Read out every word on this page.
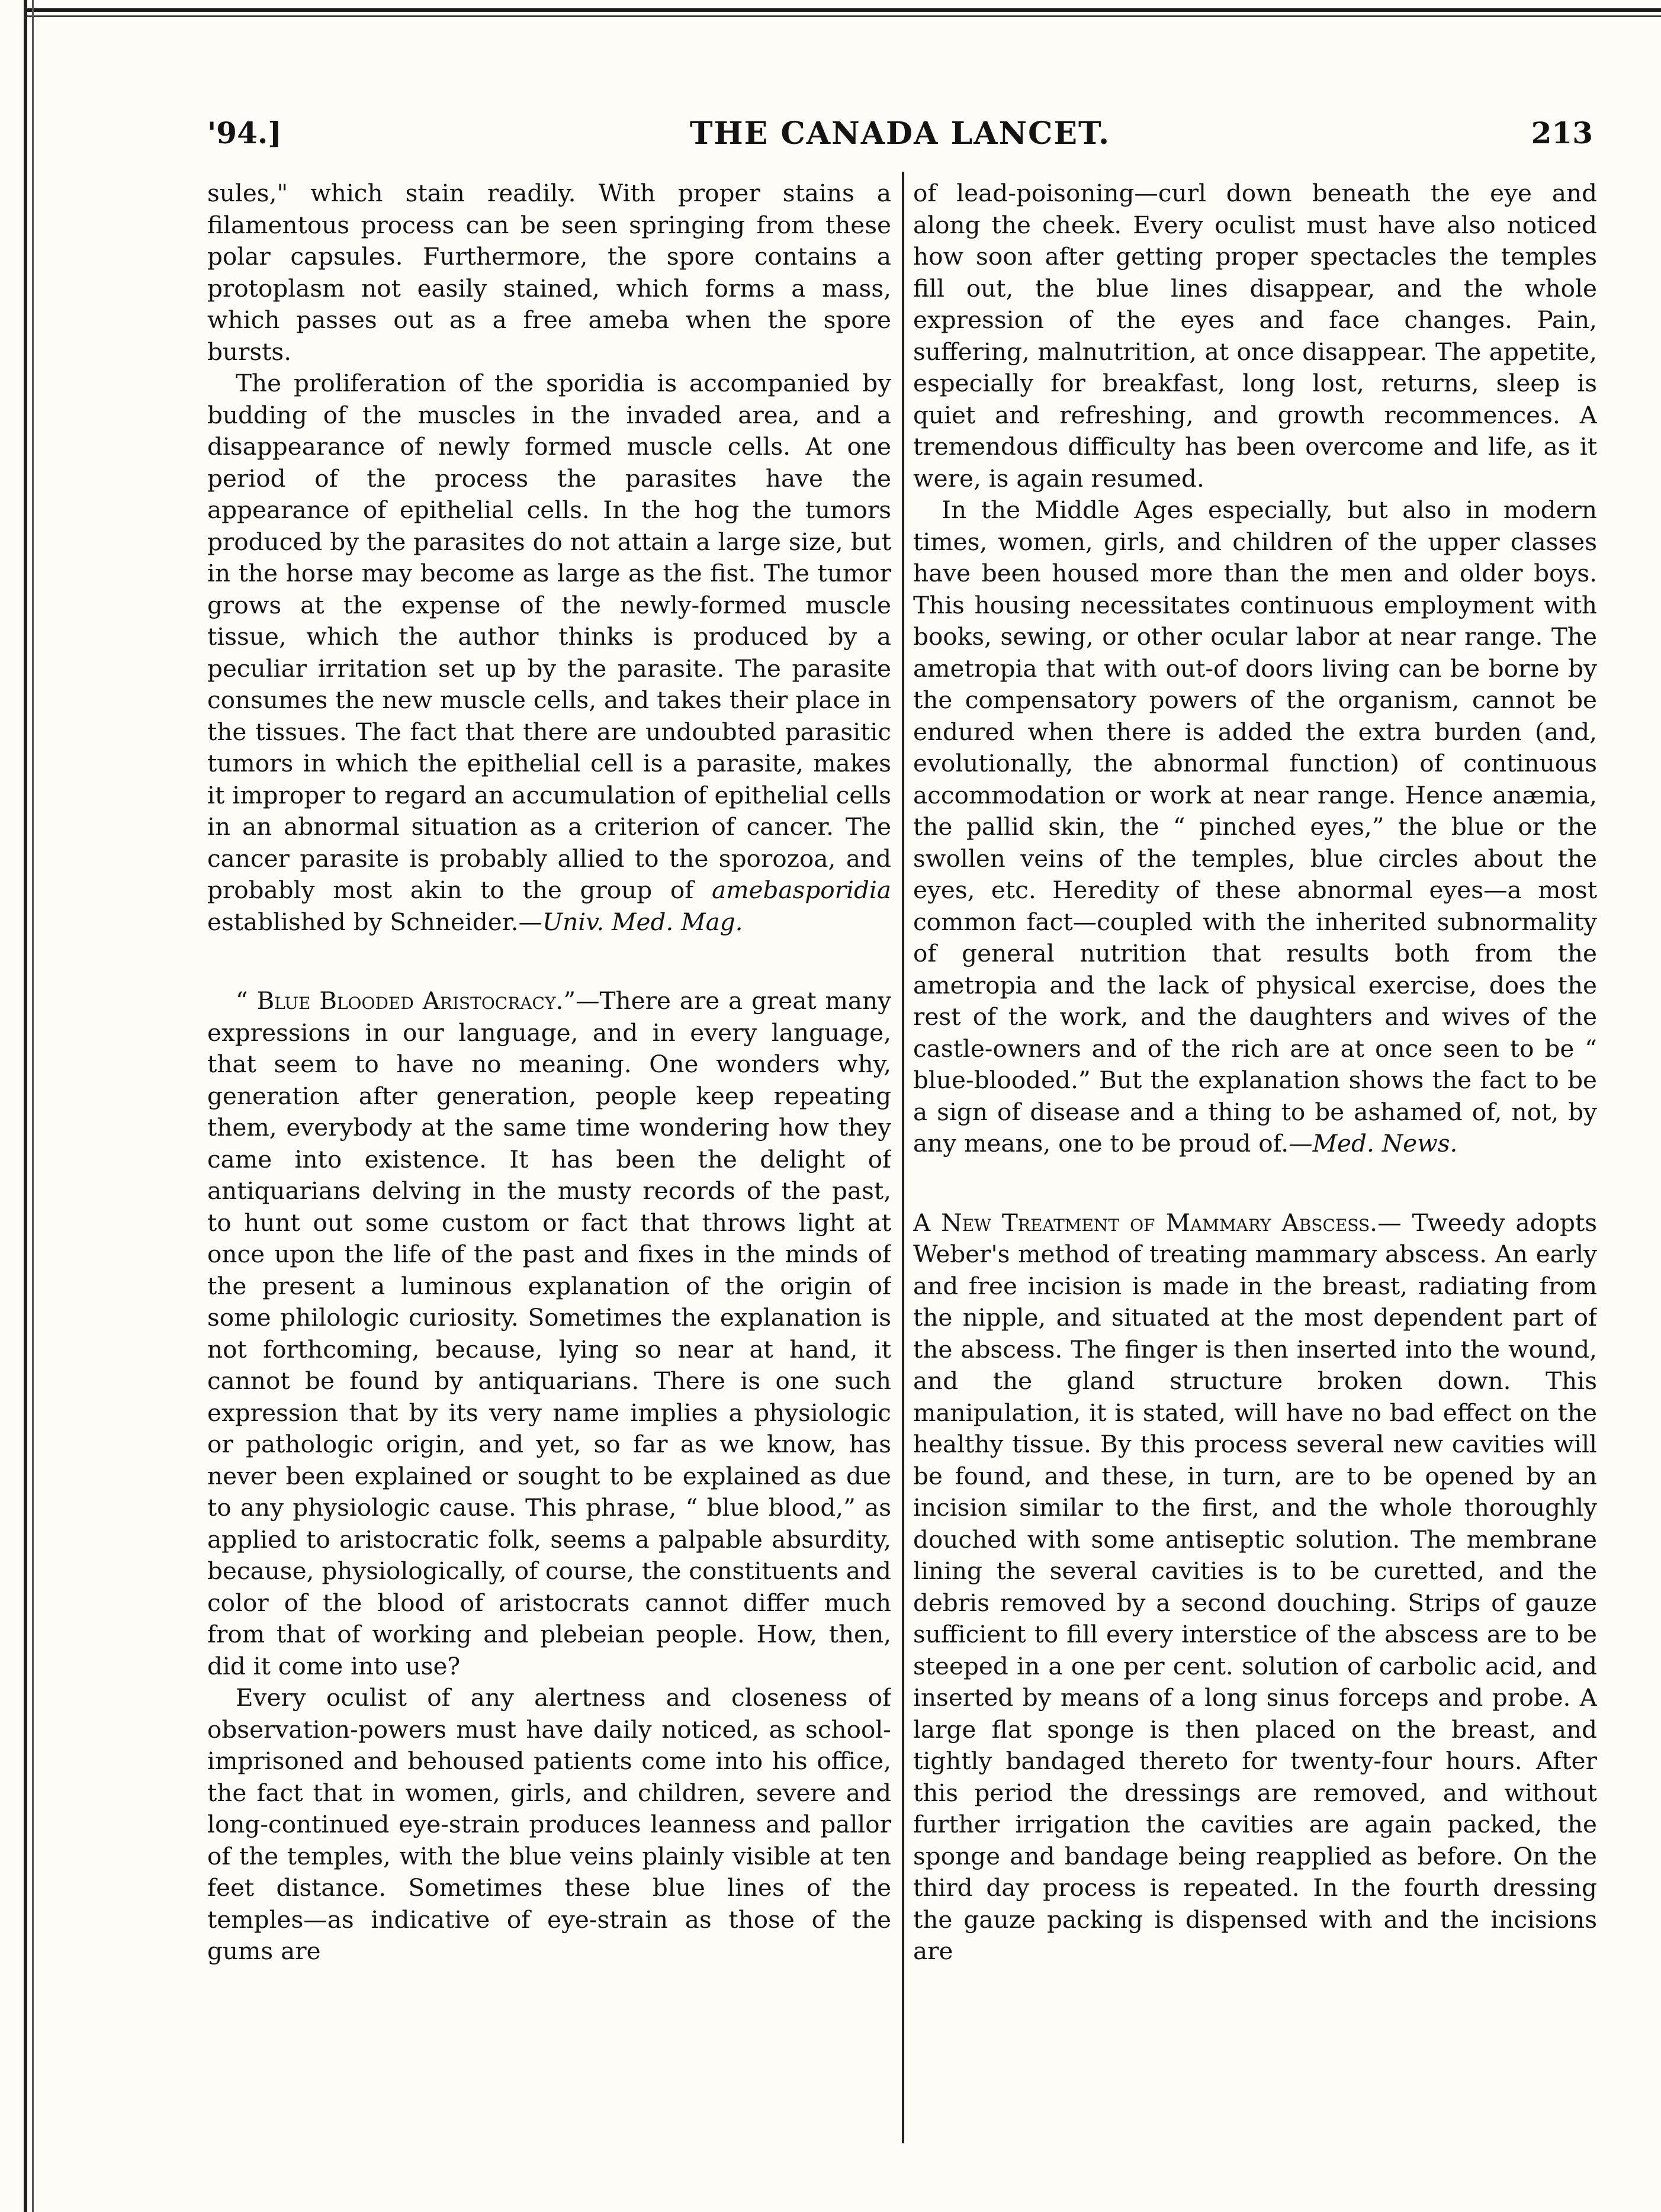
'94.]	THE CANADA LANCET.	213

sules," which stain readily. With proper stains a filamentous process can be seen springing from these polar capsules. Furthermore, the spore contains a protoplasm not easily stained, which forms a mass, which passes out as a free ameba when the spore bursts.

The proliferation of the sporidia is accompanied by budding of the muscles in the invaded area, and a disappearance of newly formed muscle cells. At one period of the process the parasites have the appearance of epithelial cells. In the hog the tumors produced by the parasites do not attain a large size, but in the horse may become as large as the fist. The tumor grows at the expense of the newly-formed muscle tissue, which the author thinks is produced by a peculiar irritation set up by the parasite. The parasite consumes the new muscle cells, and takes their place in the tissues. The fact that there are undoubted parasitic tumors in which the epithelial cell is a parasite, makes it improper to regard an accumulation of epithelial cells in an abnormal situation as a criterion of cancer. The cancer parasite is probably allied to the sporozoa, and probably most akin to the group of amebasporidia established by Schneider.—Univ. Med. Mag.

“ Blue Blooded Aristocracy.”—There are a great many expressions in our language, and in every language, that seem to have no meaning. One wonders why, generation after generation, people keep repeating them, everybody at the same time wondering how they came into existence. It has been the delight of antiquarians delving in the musty records of the past, to hunt out some custom or fact that throws light at once upon the life of the past and fixes in the minds of the present a luminous explanation of the origin of some philologic curiosity. Sometimes the explanation is not forthcoming, because, lying so near at hand, it cannot be found by antiquarians. There is one such expression that by its very name implies a physiologic or pathologic origin, and yet, so far as we know, has never been explained or sought to be explained as due to any physiologic cause. This phrase, “ blue blood,” as applied to aristocratic folk, seems a palpable absurdity, because, physiologically, of course, the constituents and color of the blood of aristocrats cannot differ much from that of working and plebeian people. How, then, did it come into use?

Every oculist of any alertness and closeness of observation-powers must have daily noticed, as school-imprisoned and behoused patients come into his office, the fact that in women, girls, and children, severe and long-continued eye-strain produces leanness and pallor of the temples, with the blue veins plainly visible at ten feet distance. Sometimes these blue lines of the temples—as indicative of eye-strain as those of the gums are

of lead-poisoning—curl down beneath the eye and along the cheek. Every oculist must have also noticed how soon after getting proper spectacles the temples fill out, the blue lines disappear, and the whole expression of the eyes and face changes. Pain, suffering, malnutrition, at once disappear. The appetite, especially for breakfast, long lost, returns, sleep is quiet and refreshing, and growth recommences. A tremendous difficulty has been overcome and life, as it were, is again resumed.

In the Middle Ages especially, but also in modern times, women, girls, and children of the upper classes have been housed more than the men and older boys. This housing necessitates continuous employment with books, sewing, or other ocular labor at near range. The ametropia that with out-of doors living can be borne by the compensatory powers of the organism, cannot be endured when there is added the extra burden (and, evolutionally, the abnormal function) of continuous accommodation or work at near range. Hence anæmia, the pallid skin, the “ pinched eyes,” the blue or the swollen veins of the temples, blue circles about the eyes, etc. Heredity of these abnormal eyes—a most common fact—coupled with the inherited subnormality of general nutrition that results both from the ametropia and the lack of physical exercise, does the rest of the work, and the daughters and wives of the castle-owners and of the rich are at once seen to be “ blue-blooded.” But the explanation shows the fact to be a sign of disease and a thing to be ashamed of, not, by any means, one to be proud of.—Med. News.

A New Treatment of Mammary Abscess.— Tweedy adopts Weber's method of treating mammary abscess. An early and free incision is made in the breast, radiating from the nipple, and situated at the most dependent part of the abscess. The finger is then inserted into the wound, and the gland structure broken down. This manipulation, it is stated, will have no bad effect on the healthy tissue. By this process several new cavities will be found, and these, in turn, are to be opened by an incision similar to the first, and the whole thoroughly douched with some antiseptic solution. The membrane lining the several cavities is to be curetted, and the debris removed by a second douching. Strips of gauze sufficient to fill every interstice of the abscess are to be steeped in a one per cent. solution of carbolic acid, and inserted by means of a long sinus forceps and probe. A large flat sponge is then placed on the breast, and tightly bandaged thereto for twenty-four hours. After this period the dressings are removed, and without further irrigation the cavities are again packed, the sponge and bandage being reapplied as before. On the third day process is repeated. In the fourth dressing the gauze packing is dispensed with and the incisions are
